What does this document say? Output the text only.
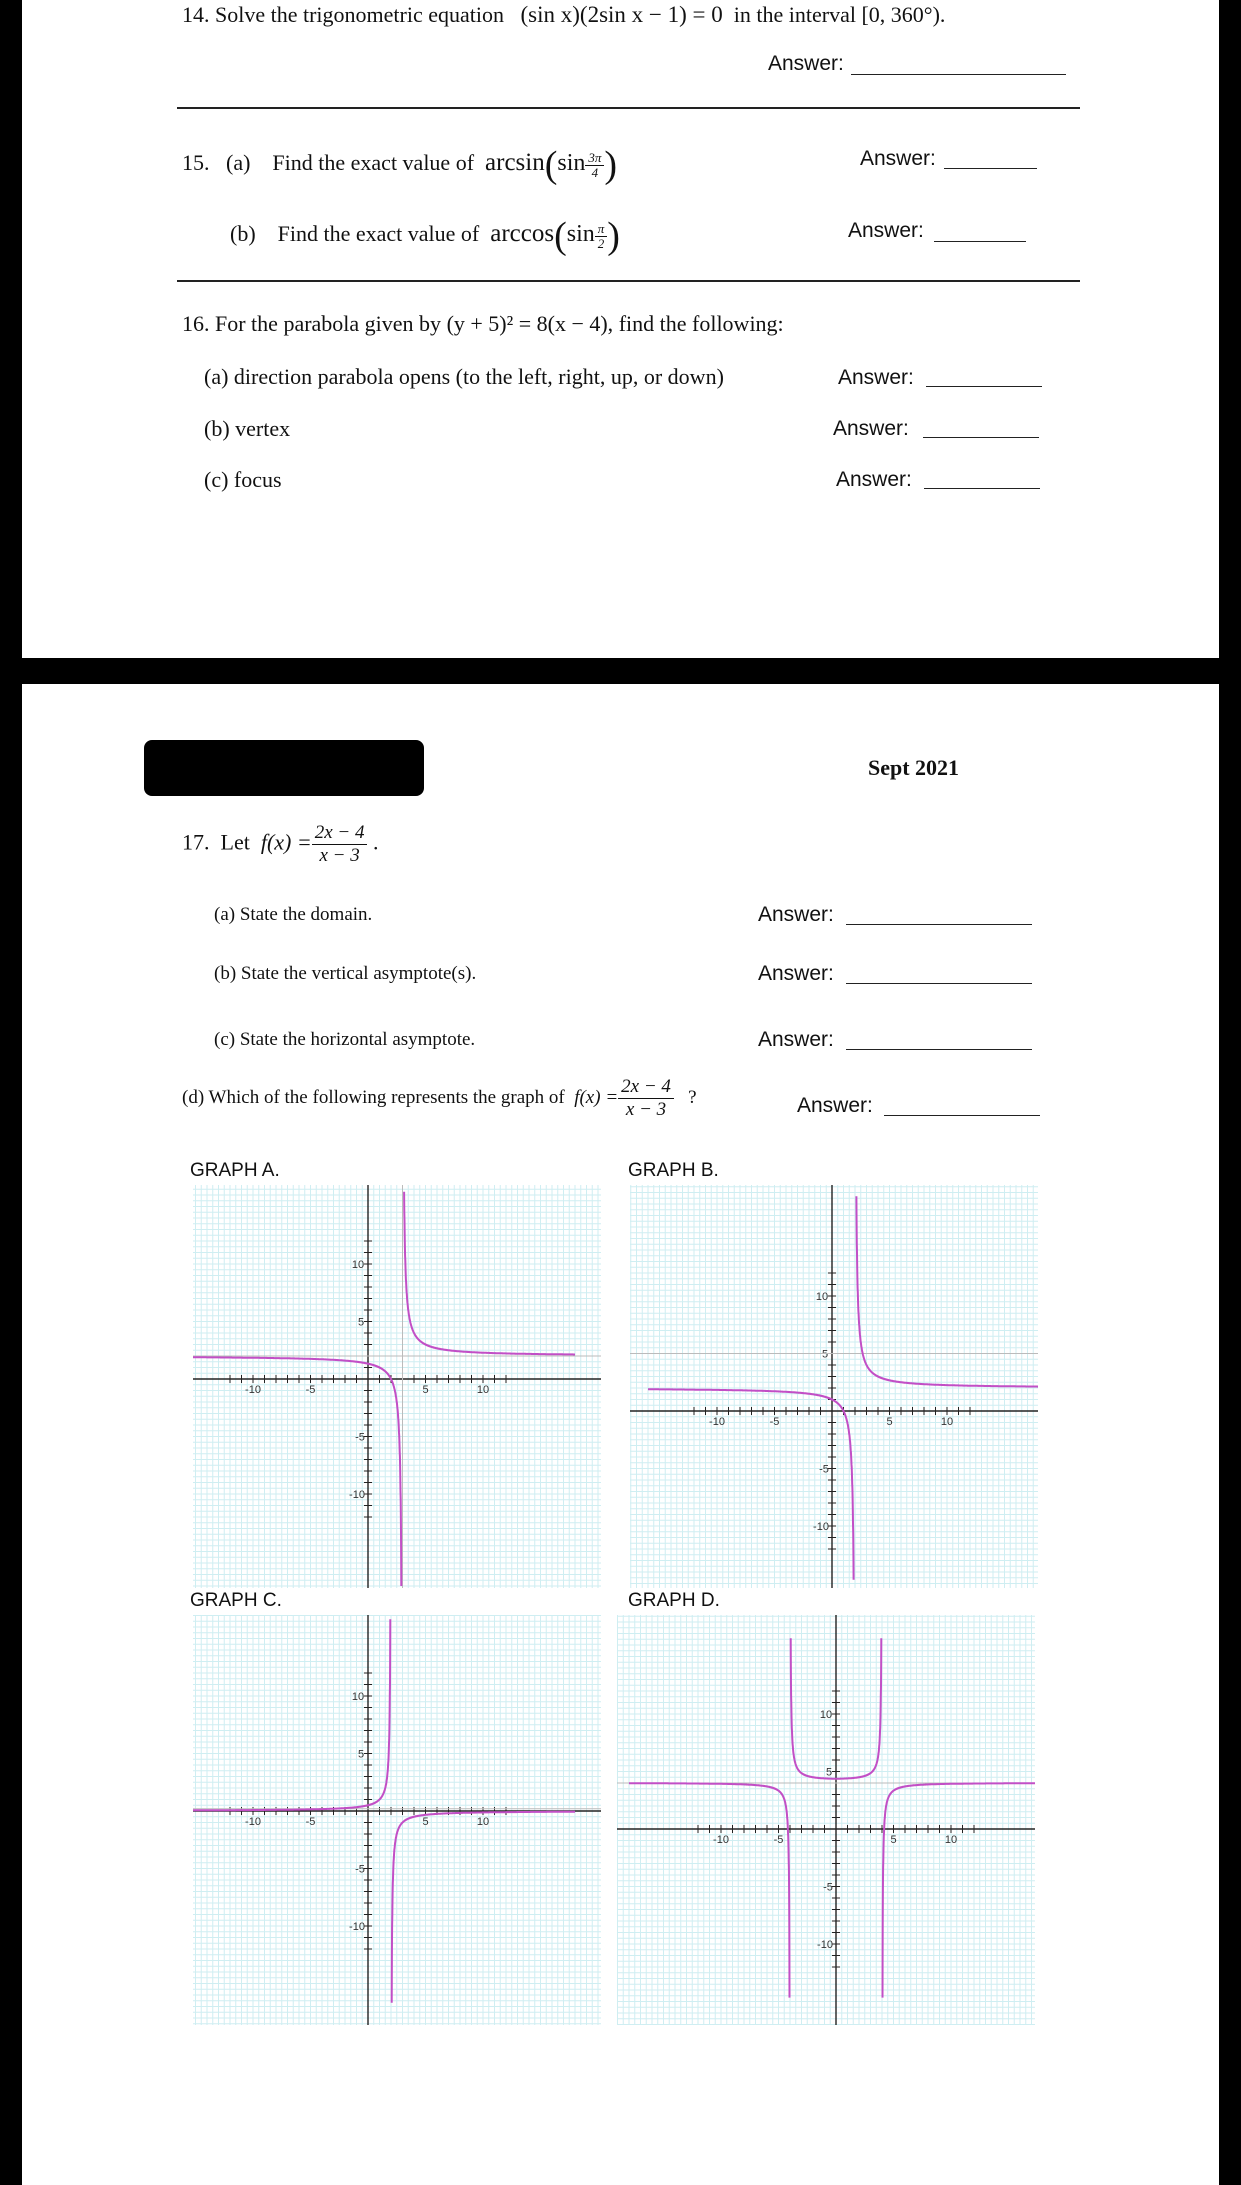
14. Solve the trigonometric equation (sin x)(2sin x − 1) = 0 in the interval [0, 360°).
Answer:
15. (a) Find the exact value of $\arcsin(\sin \frac{3\pi}{4}$ )	Answer:
(b) Find the exact value of $\arccos(\sin \frac{\pi}{2}$ )	Answer:
16. For the parabola given by (y + 5)² = 8(x − 4), find the following:
(a) direction parabola opens (to the left, right, up, or down)	Answer:
(b) vertex	Answer:
(c) focus	Answer:
Sept 2021
17. Let $f(x) = \frac{2x - 4}{x - 3}$ .
(a) State the domain.	Answer:
(b) State the vertical asymptote(s).	Answer:
(c) State the horizontal asymptote.	Answer:
(d) Which of the following represents the graph of $f(x) = \frac{2x - 4}{x - 3}$ ?	Answer:
GRAPH A.	GRAPH B.
GRAPH C.	GRAPH D.
-10	-5	5	10
10
5
-5
-10
-10	-5	5	10
10
5
-5
-10
-10	-5	5	10
10
5
-5
-10
-10	-5	5	10
10
5
-5
-10
